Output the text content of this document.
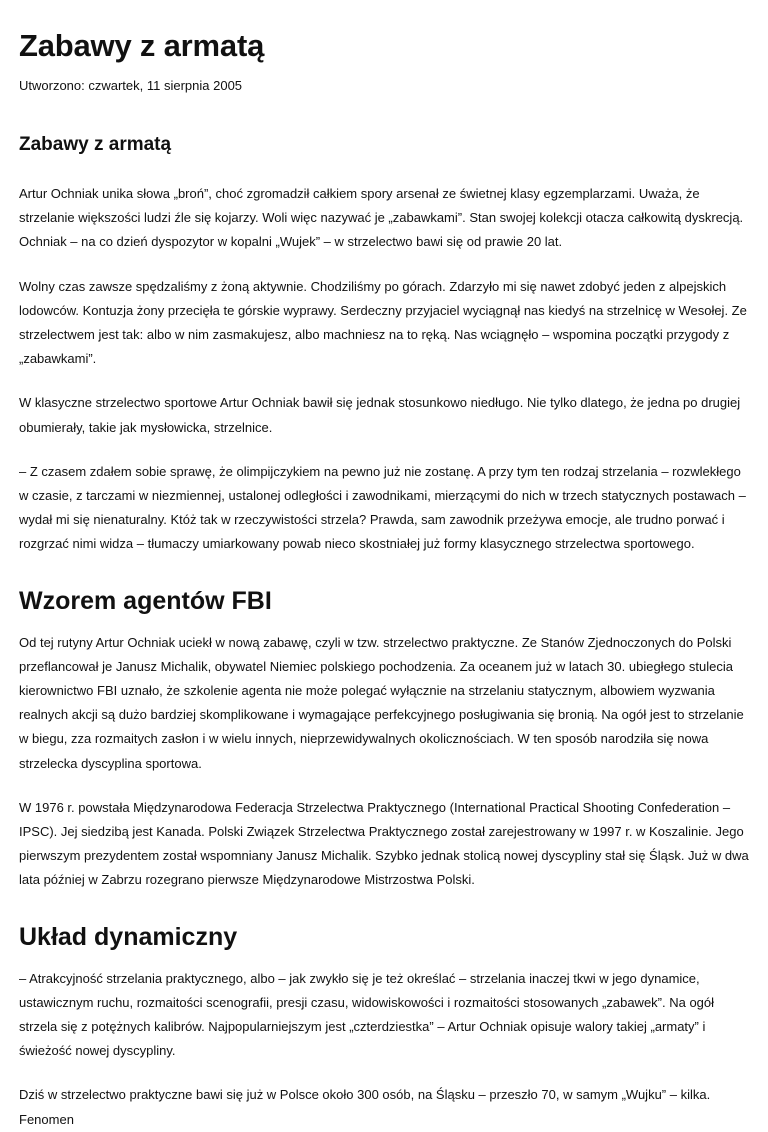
Zabawy z armatą
Utworzono: czwartek, 11 sierpnia 2005
Zabawy z armatą

Artur Ochniak unika słowa „broń”, choć zgromadził całkiem spory arsenał ze świetnej klasy egzemplarzami. Uważa, że strzelanie większości ludzi źle się kojarzy. Woli więc nazywać je „zabawkami”. Stan swojej kolekcji otacza całkowitą dyskrecją. Ochniak – na co dzień dyspozytor w kopalni „Wujek” – w strzelectwo bawi się od prawie 20 lat.

Wolny czas zawsze spędzaliśmy z żoną aktywnie. Chodziliśmy po górach. Zdarzyło mi się nawet zdobyć jeden z alpejskich lodowców. Kontuzja żony przecięła te górskie wyprawy. Serdeczny przyjaciel wyciągnął nas kiedyś na strzelnicę w Wesołej. Ze strzelectwem jest tak: albo w nim zasmakujesz, albo machniesz na to ręką. Nas wciągnęło – wspomina początki przygody z „zabawkami”.

W klasyczne strzelectwo sportowe Artur Ochniak bawił się jednak stosunkowo niedługo. Nie tylko dlatego, że jedna po drugiej obumierały, takie jak mysłowicka, strzelnice.

– Z czasem zdałem sobie sprawę, że olimpijczykiem na pewno już nie zostanę. A przy tym ten rodzaj strzelania – rozwlekłego w czasie, z tarczami w niezmiennej, ustalonej odległości i zawodnikami, mierzącymi do nich w trzech statycznych postawach – wydał mi się nienaturalny. Któż tak w rzeczywistości strzela? Prawda, sam zawodnik przeżywa emocje, ale trudno porwać i rozgrzać nimi widza – tłumaczy umiarkowany powab nieco skostniałej już formy klasycznego strzelectwa sportowego.

Wzorem agentów FBI

Od tej rutyny Artur Ochniak uciekł w nową zabawę, czyli w tzw. strzelectwo praktyczne. Ze Stanów Zjednoczonych do Polski przeflancował je Janusz Michalik, obywatel Niemiec polskiego pochodzenia. Za oceanem już w latach 30. ubiegłego stulecia kierownictwo FBI uznało, że szkolenie agenta nie może polegać wyłącznie na strzelaniu statycznym, albowiem wyzwania realnych akcji są dużo bardziej skomplikowane i wymagające perfekcyjnego posługiwania się bronią. Na ogół jest to strzelanie w biegu, zza rozmaitych zasłon i w wielu innych, nieprzewidywalnych okolicznościach. W ten sposób narodziła się nowa strzelecka dyscyplina sportowa.

W 1976 r. powstała Międzynarodowa Federacja Strzelectwa Praktycznego (International Practical Shooting Confederation – IPSC). Jej siedzibą jest Kanada. Polski Związek Strzelectwa Praktycznego został zarejestrowany w 1997 r. w Koszalinie. Jego pierwszym prezydentem został wspomniany Janusz Michalik. Szybko jednak stolicą nowej dyscypliny stał się Śląsk. Już w dwa lata później w Zabrzu rozegrano pierwsze Międzynarodowe Mistrzostwa Polski.

Układ dynamiczny

– Atrakcyjność strzelania praktycznego, albo – jak zwykło się je też określać – strzelania inaczej tkwi w jego dynamice, ustawicznym ruchu, rozmaitości scenografii, presji czasu, widowiskowości i rozmaitości stosowanych „zabawek”. Na ogół strzela się z potężnych kalibrów. Najpopularniejszym jest „czterdziestka” – Artur Ochniak opisuje walory takiej „armaty” i świeżość nowej dyscypliny.

Dziś w strzelectwo praktyczne bawi się już w Polsce około 300 osób, na Śląsku – przeszło 70, w samym „Wujku” – kilka. Fenomen
